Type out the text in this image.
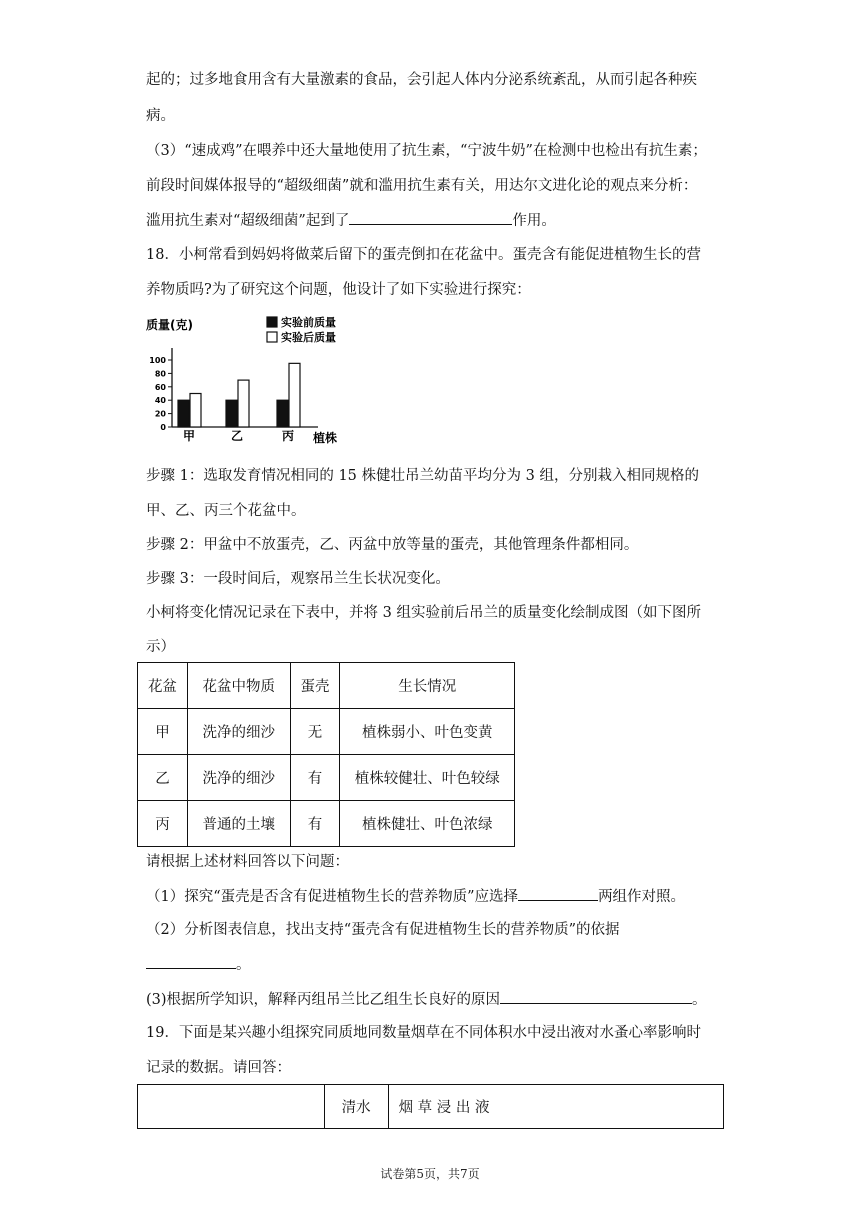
起的；过多地食用含有大量激素的食品，会引起人体内分泌系统紊乱，从而引起各种疾
病。
（3）“速成鸡”在喂养中还大量地使用了抗生素，“宁波牛奶”在检测中也检出有抗生素；
前段时间媒体报导的“超级细菌”就和滥用抗生素有关，用达尔文进化论的观点来分析：
滥用抗生素对“超级细菌”起到了	作用。
18．小柯常看到妈妈将做菜后留下的蛋壳倒扣在花盆中。蛋壳含有能促进植物生长的营
养物质吗?为了研究这个问题，他设计了如下实验进行探究：
质量(克)	实验前质量
实验后质量
0
20
40
60
80
100
甲	乙	丙 植株
步骤 1：选取发育情况相同的 15 株健壮吊兰幼苗平均分为 3 组，分别栽入相同规格的
甲、乙、丙三个花盆中。
步骤 2：甲盆中不放蛋壳，乙、丙盆中放等量的蛋壳，其他管理条件都相同。
步骤 3：一段时间后，观察吊兰生长状况变化。
小柯将变化情况记录在下表中，并将 3 组实验前后吊兰的质量变化绘制成图（如下图所
示）
花盆	花盆中物质	蛋壳	生长情况
甲	洗净的细沙	无	植株弱小、叶色变黄
乙	洗净的细沙	有	植株较健壮、叶色较绿
丙	普通的土壤	有	植株健壮、叶色浓绿
请根据上述材料回答以下问题：
（1）探究“蛋壳是否含有促进植物生长的营养物质”应选择	两组作对照。
（2）分析图表信息，找出支持“蛋壳含有促进植物生长的营养物质”的依据
。
(3)根据所学知识，解释丙组吊兰比乙组生长良好的原因	。
19．下面是某兴趣小组探究同质地同数量烟草在不同体积水中浸出液对水蚤心率影响时
记录的数据。请回答：
	清水	烟 草 浸 出 液
试卷第5页，共7页
